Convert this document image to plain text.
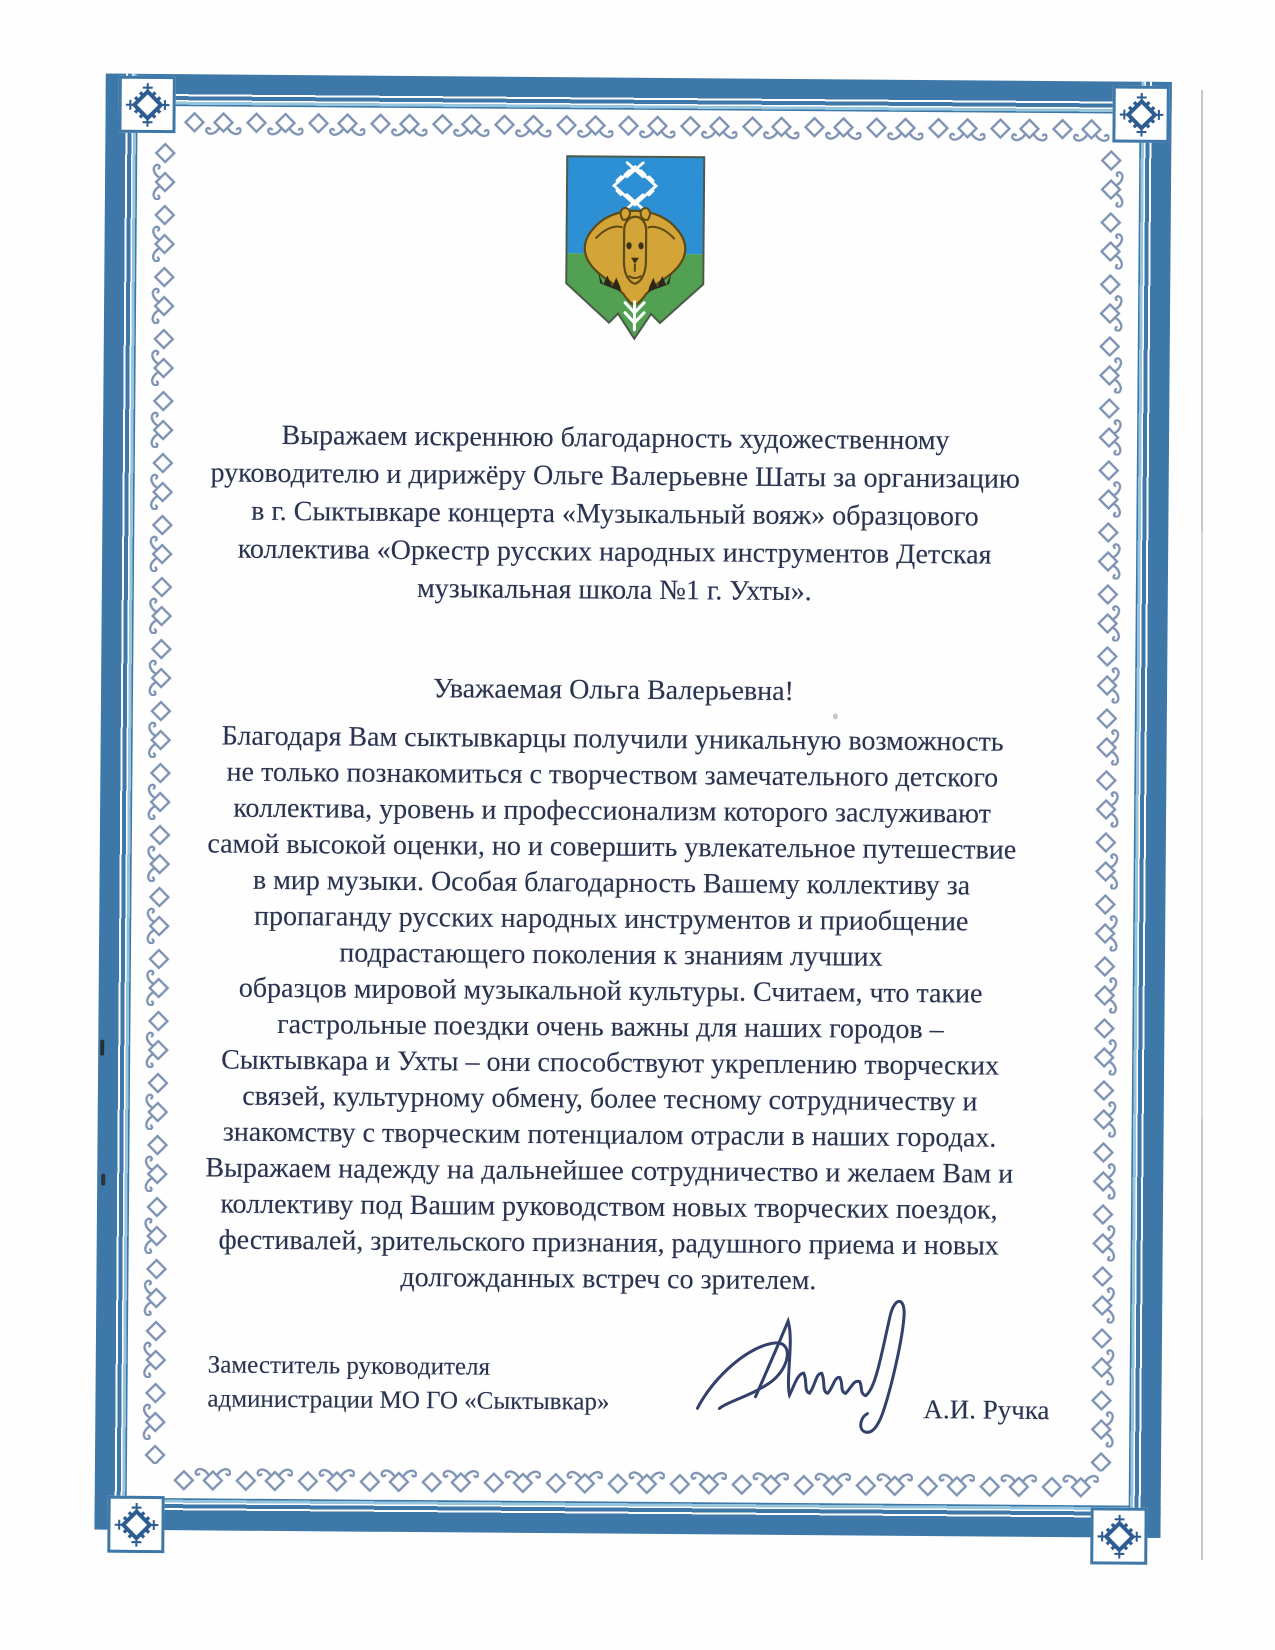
Выражаем искреннюю благодарность художественному
руководителю и дирижёру Ольге Валерьевне Шаты за организацию
в г. Сыктывкаре концерта «Музыкальный вояж» образцового
коллектива «Оркестр русских народных инструментов Детская
музыкальная школа №1 г. Ухты».
Уважаемая Ольга Валерьевна!
Благодаря Вам сыктывкарцы получили уникальную возможность
не только познакомиться с творчеством замечательного детского
коллектива, уровень и профессионализм которого заслуживают
самой высокой оценки, но и совершить увлекательное путешествие
в мир музыки. Особая благодарность Вашему коллективу за
пропаганду русских народных инструментов и приобщение
подрастающего поколения к знаниям лучших
образцов мировой музыкальной культуры. Считаем, что такие
гастрольные поездки очень важны для наших городов –
Сыктывкара и Ухты – они способствуют укреплению творческих
связей, культурному обмену, более тесному сотрудничеству и
знакомству с творческим потенциалом отрасли в наших городах.
Выражаем надежду на дальнейшее сотрудничество и желаем Вам и
коллективу под Вашим руководством новых творческих поездок,
фестивалей, зрительского признания, радушного приема и новых
долгожданных встреч со зрителем.
Заместитель руководителя
администрации МО ГО «Сыктывкар»	А.И. Ручка
